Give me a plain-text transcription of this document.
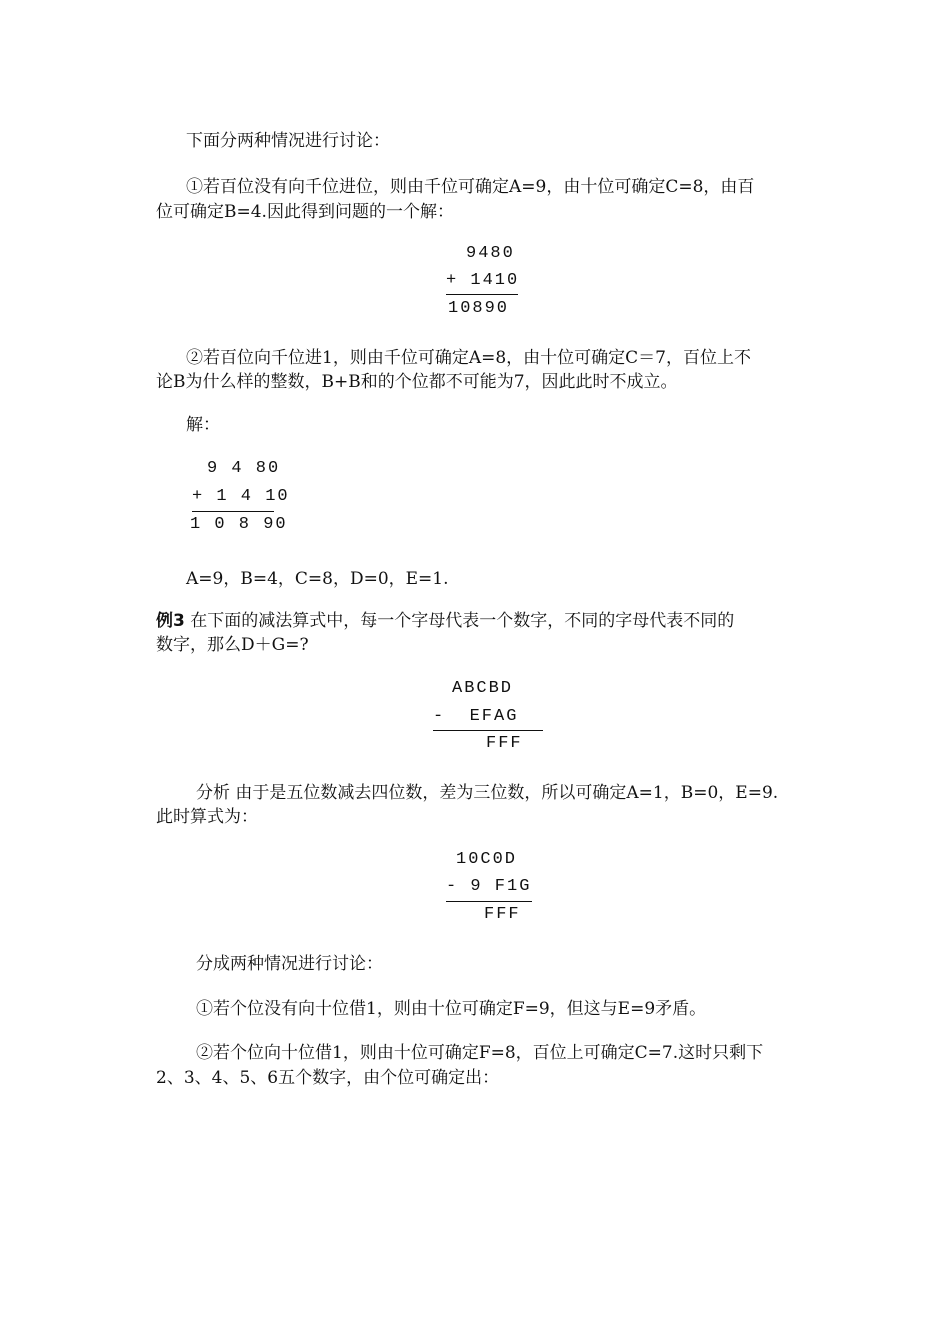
下面分两种情况进行讨论：
①若百位没有向千位进位，则由千位可确定A=9，由十位可确定C=8，由百
位可确定B=4.因此得到问题的一个解：
9480
+ 1410
10890
②若百位向千位进1，则由千位可确定A=8，由十位可确定C＝7，百位上不
论B为什么样的整数，B+B和的个位都不可能为7，因此此时不成立。
解：
9 4 80
+ 1 4 10
1 0 8 90
A=9，B=4，C=8，D=0，E=1.
例3 在下面的减法算式中，每一个字母代表一个数字，不同的字母代表不同的
数字，那么D＋G=?
ABCBD
-  EFAG
FFF
分析 由于是五位数减去四位数，差为三位数，所以可确定A=1，B=0，E=9.
此时算式为：
10C0D
- 9 F1G
FFF
分成两种情况进行讨论：
①若个位没有向十位借1，则由十位可确定F=9，但这与E=9矛盾。
②若个位向十位借1，则由十位可确定F=8，百位上可确定C=7.这时只剩下
2、3、4、5、6五个数字，由个位可确定出：
